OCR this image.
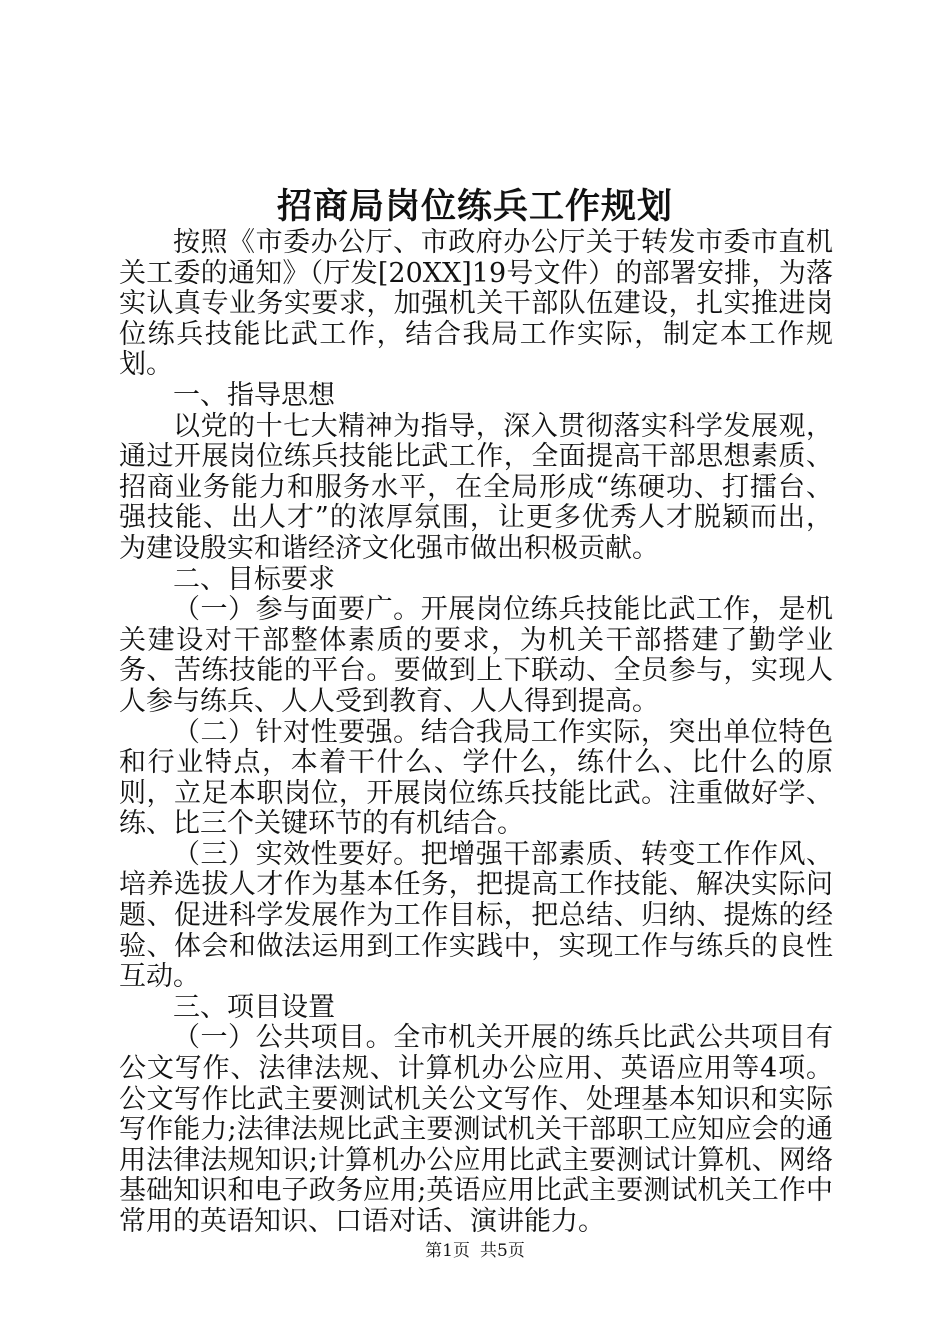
招商局岗位练兵工作规划

按照《市委办公厅、市政府办公厅关于转发市委市直机关工委的通知》（厅发[20XX]19号文件）的部署安排，为落实认真专业务实要求，加强机关干部队伍建设，扎实推进岗位练兵技能比武工作，结合我局工作实际，制定本工作规划。

一、指导思想

以党的十七大精神为指导，深入贯彻落实科学发展观，通过开展岗位练兵技能比武工作，全面提高干部思想素质、招商业务能力和服务水平，在全局形成“练硬功、打擂台、强技能、出人才”的浓厚氛围，让更多优秀人才脱颖而出，为建设殷实和谐经济文化强市做出积极贡献。

二、目标要求

（一）参与面要广。开展岗位练兵技能比武工作，是机关建设对干部整体素质的要求，为机关干部搭建了勤学业务、苦练技能的平台。要做到上下联动、全员参与，实现人人参与练兵、人人受到教育、人人得到提高。

（二）针对性要强。结合我局工作实际，突出单位特色和行业特点，本着干什么、学什么，练什么、比什么的原则，立足本职岗位，开展岗位练兵技能比武。注重做好学、练、比三个关键环节的有机结合。

（三）实效性要好。把增强干部素质、转变工作作风、培养选拔人才作为基本任务，把提高工作技能、解决实际问题、促进科学发展作为工作目标，把总结、归纳、提炼的经验、体会和做法运用到工作实践中，实现工作与练兵的良性互动。

三、项目设置

（一）公共项目。全市机关开展的练兵比武公共项目有公文写作、法律法规、计算机办公应用、英语应用等4项。公文写作比武主要测试机关公文写作、处理基本知识和实际写作能力;法律法规比武主要测试机关干部职工应知应会的通用法律法规知识;计算机办公应用比武主要测试计算机、网络基础知识和电子政务应用;英语应用比武主要测试机关工作中常用的英语知识、口语对话、演讲能力。

第1页 共5页
